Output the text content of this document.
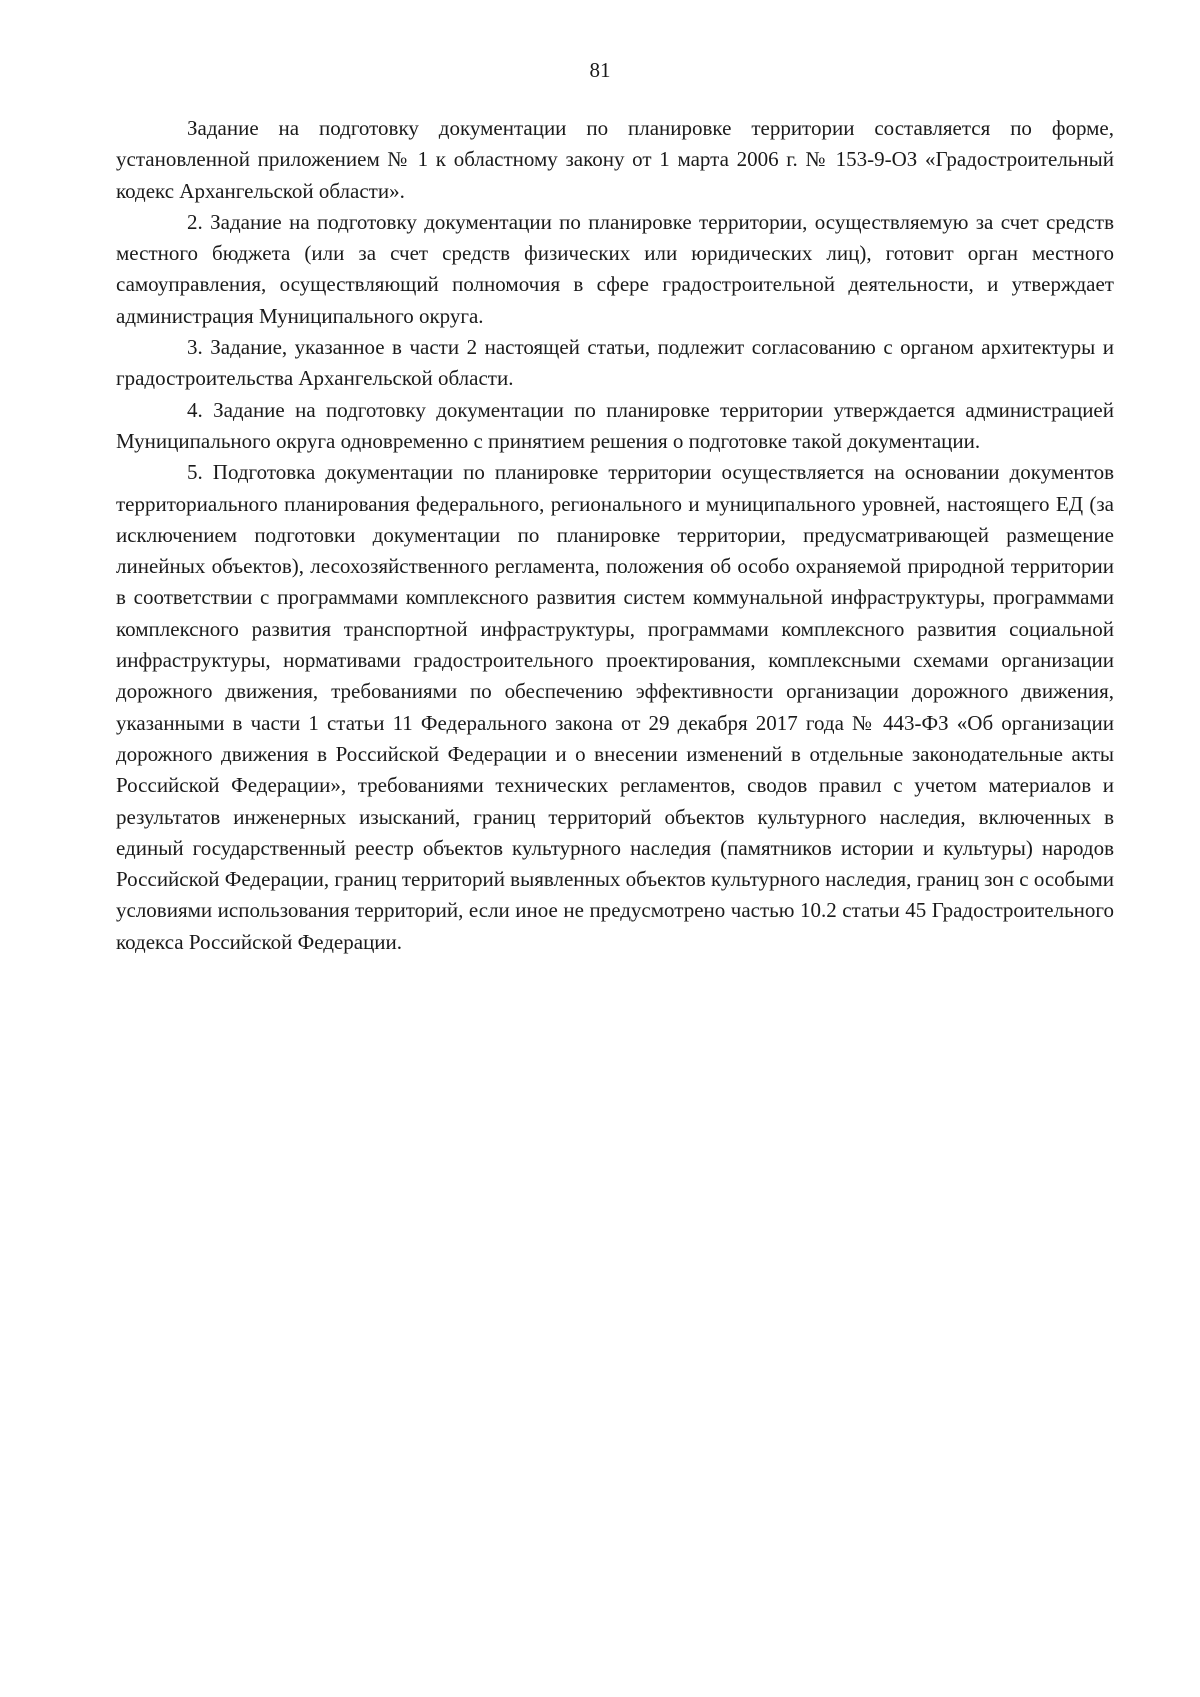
81

Задание на подготовку документации по планировке территории составляется по форме, установленной приложением № 1 к областному закону от 1 марта 2006 г. № 153-9-ОЗ «Градостроительный кодекс Архангельской области».

2. Задание на подготовку документации по планировке территории, осуществляемую за счет средств местного бюджета (или за счет средств физических или юридических лиц), готовит орган местного самоуправления, осуществляющий полномочия в сфере градостроительной деятельности, и утверждает администрация Муниципального округа.

3. Задание, указанное в части 2 настоящей статьи, подлежит согласованию с органом архитектуры и градостроительства Архангельской области.

4. Задание на подготовку документации по планировке территории утверждается администрацией Муниципального округа одновременно с принятием решения о подготовке такой документации.

5. Подготовка документации по планировке территории осуществляется на основании документов территориального планирования федерального, регионального и муниципального уровней, настоящего ЕД (за исключением подготовки документации по планировке территории, предусматривающей размещение линейных объектов), лесохозяйственного регламента, положения об особо охраняемой природной территории в соответствии с программами комплексного развития систем коммунальной инфраструктуры, программами комплексного развития транспортной инфраструктуры, программами комплексного развития социальной инфраструктуры, нормативами градостроительного проектирования, комплексными схемами организации дорожного движения, требованиями по обеспечению эффективности организации дорожного движения, указанными в части 1 статьи 11 Федерального закона от 29 декабря 2017 года № 443-ФЗ «Об организации дорожного движения в Российской Федерации и о внесении изменений в отдельные законодательные акты Российской Федерации», требованиями технических регламентов, сводов правил с учетом материалов и результатов инженерных изысканий, границ территорий объектов культурного наследия, включенных в единый государственный реестр объектов культурного наследия (памятников истории и культуры) народов Российской Федерации, границ территорий выявленных объектов культурного наследия, границ зон с особыми условиями использования территорий, если иное не предусмотрено частью 10.2 статьи 45 Градостроительного кодекса Российской Федерации.
